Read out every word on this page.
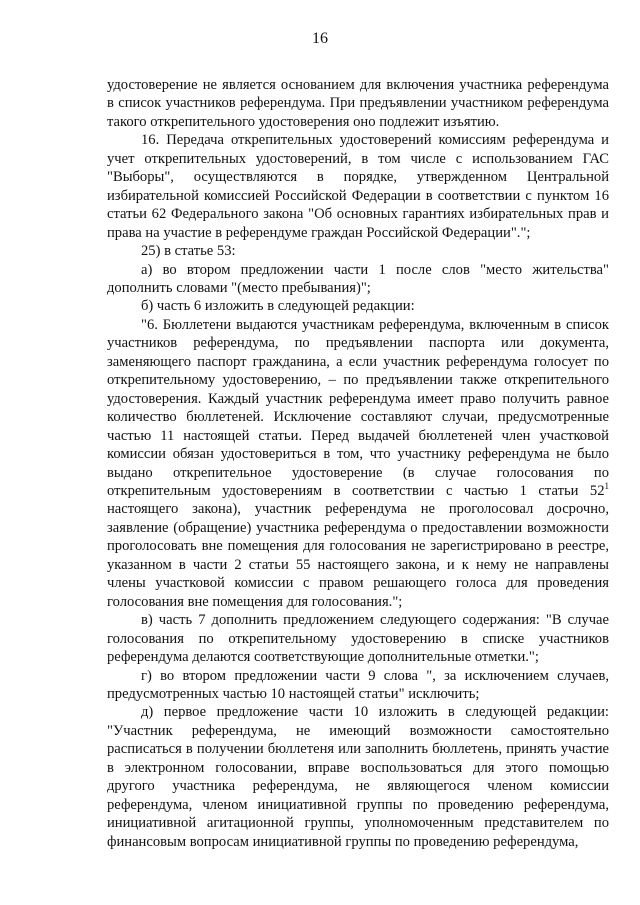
16

удостоверение не является основанием для включения участника референдума в список участников референдума. При предъявлении участником референдума такого открепительного удостоверения оно подлежит изъятию.

16. Передача открепительных удостоверений комиссиям референдума и учет открепительных удостоверений, в том числе с использованием ГАС "Выборы", осуществляются в порядке, утвержденном Центральной избирательной комиссией Российской Федерации в соответствии с пунктом 16 статьи 62 Федерального закона "Об основных гарантиях избирательных прав и права на участие в референдуме граждан Российской Федерации".";

25) в статье 53:

а) во втором предложении части 1 после слов "место жительства" дополнить словами "(место пребывания)";

б) часть 6 изложить в следующей редакции:

"6. Бюллетени выдаются участникам референдума, включенным в список участников референдума, по предъявлении паспорта или документа, заменяющего паспорт гражданина, а если участник референдума голосует по открепительному удостоверению, – по предъявлении также открепительного удостоверения. Каждый участник референдума имеет право получить равное количество бюллетеней. Исключение составляют случаи, предусмотренные частью 11 настоящей статьи. Перед выдачей бюллетеней член участковой комиссии обязан удостовериться в том, что участнику референдума не было выдано открепительное удостоверение (в случае голосования по открепительным удостоверениям в соответствии с частью 1 статьи $52^1$ настоящего закона), участник референдума не проголосовал досрочно, заявление (обращение) участника референдума о предоставлении возможности проголосовать вне помещения для голосования не зарегистрировано в реестре, указанном в части 2 статьи 55 настоящего закона, и к нему не направлены члены участковой комиссии с правом решающего голоса для проведения голосования вне помещения для голосования.";

в) часть 7 дополнить предложением следующего содержания: "В случае голосования по открепительному удостоверению в списке участников референдума делаются соответствующие дополнительные отметки.";

г) во втором предложении части 9 слова ", за исключением случаев, предусмотренных частью 10 настоящей статьи" исключить;

д) первое предложение части 10 изложить в следующей редакции: "Участник референдума, не имеющий возможности самостоятельно расписаться в получении бюллетеня или заполнить бюллетень, принять участие в электронном голосовании, вправе воспользоваться для этого помощью другого участника референдума, не являющегося членом комиссии референдума, членом инициативной группы по проведению референдума, инициативной агитационной группы, уполномоченным представителем по финансовым вопросам инициативной группы по проведению референдума,
